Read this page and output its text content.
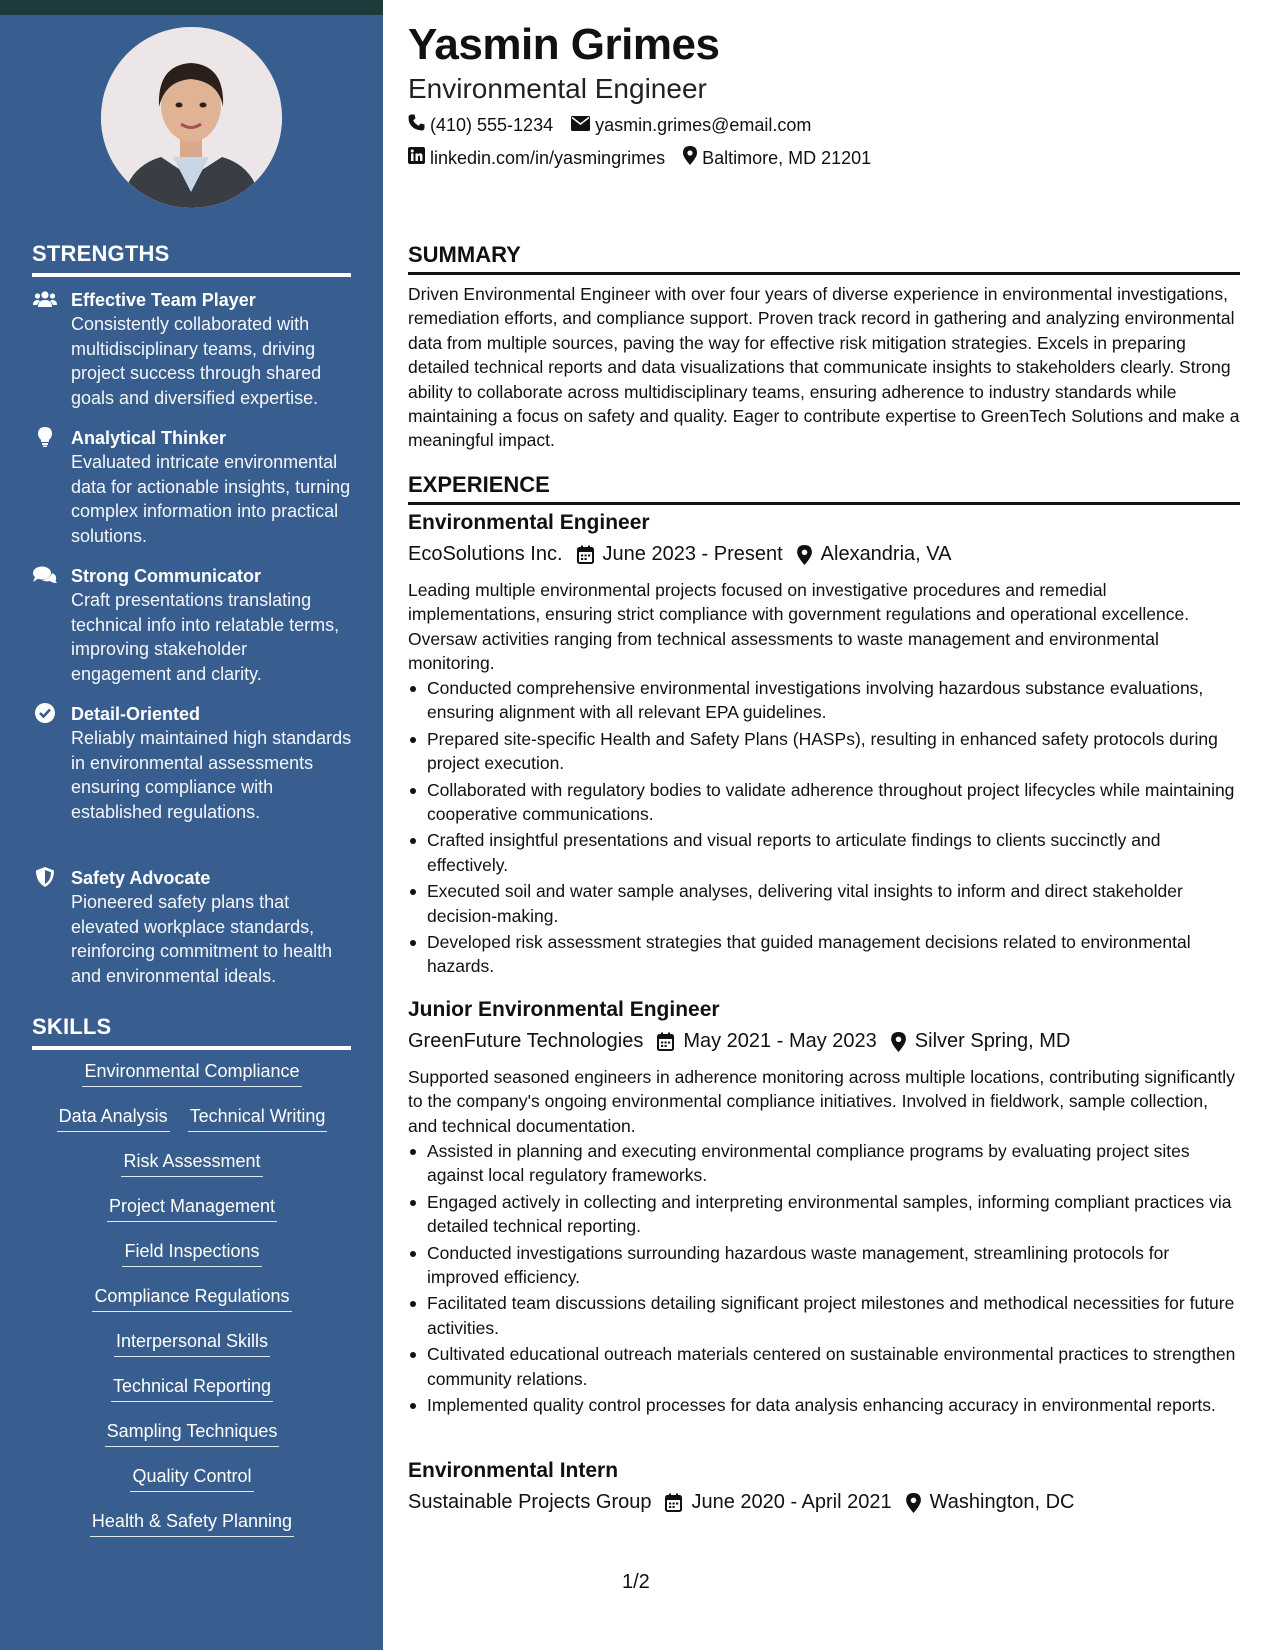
STRENGTHS
Effective Team Player
Consistently collaborated with multidisciplinary teams, driving project success through shared goals and diversified expertise.
Analytical Thinker
Evaluated intricate environmental data for actionable insights, turning complex information into practical solutions.
Strong Communicator
Craft presentations translating technical info into relatable terms, improving stakeholder engagement and clarity.
Detail-Oriented
Reliably maintained high standards in environmental assessments ensuring compliance with established regulations.
Safety Advocate
Pioneered safety plans that elevated workplace standards, reinforcing commitment to health and environmental ideals.
SKILLS
Environmental Compliance
Data Analysis Technical Writing
Risk Assessment
Project Management
Field Inspections
Compliance Regulations
Interpersonal Skills
Technical Reporting
Sampling Techniques
Quality Control
Health & Safety Planning
Yasmin Grimes
Environmental Engineer
(410) 555-1234 yasmin.grimes@email.com
linkedin.com/in/yasmingrimes Baltimore, MD 21201
SUMMARY
Driven Environmental Engineer with over four years of diverse experience in environmental investigations, remediation efforts, and compliance support. Proven track record in gathering and analyzing environmental data from multiple sources, paving the way for effective risk mitigation strategies. Excels in preparing detailed technical reports and data visualizations that communicate insights to stakeholders clearly. Strong ability to collaborate across multidisciplinary teams, ensuring adherence to industry standards while maintaining a focus on safety and quality. Eager to contribute expertise to GreenTech Solutions and make a meaningful impact.
EXPERIENCE
Environmental Engineer
EcoSolutions Inc. June 2023 - Present Alexandria, VA
Leading multiple environmental projects focused on investigative procedures and remedial implementations, ensuring strict compliance with government regulations and operational excellence. Oversaw activities ranging from technical assessments to waste management and environmental monitoring.
Conducted comprehensive environmental investigations involving hazardous substance evaluations, ensuring alignment with all relevant EPA guidelines.
Prepared site-specific Health and Safety Plans (HASPs), resulting in enhanced safety protocols during project execution.
Collaborated with regulatory bodies to validate adherence throughout project lifecycles while maintaining cooperative communications.
Crafted insightful presentations and visual reports to articulate findings to clients succinctly and effectively.
Executed soil and water sample analyses, delivering vital insights to inform and direct stakeholder decision-making.
Developed risk assessment strategies that guided management decisions related to environmental hazards.
Junior Environmental Engineer
GreenFuture Technologies May 2021 - May 2023 Silver Spring, MD
Supported seasoned engineers in adherence monitoring across multiple locations, contributing significantly to the company's ongoing environmental compliance initiatives. Involved in fieldwork, sample collection, and technical documentation.
Assisted in planning and executing environmental compliance programs by evaluating project sites against local regulatory frameworks.
Engaged actively in collecting and interpreting environmental samples, informing compliant practices via detailed technical reporting.
Conducted investigations surrounding hazardous waste management, streamlining protocols for improved efficiency.
Facilitated team discussions detailing significant project milestones and methodical necessities for future activities.
Cultivated educational outreach materials centered on sustainable environmental practices to strengthen community relations.
Implemented quality control processes for data analysis enhancing accuracy in environmental reports.
Environmental Intern
Sustainable Projects Group June 2020 - April 2021 Washington, DC
1/2
